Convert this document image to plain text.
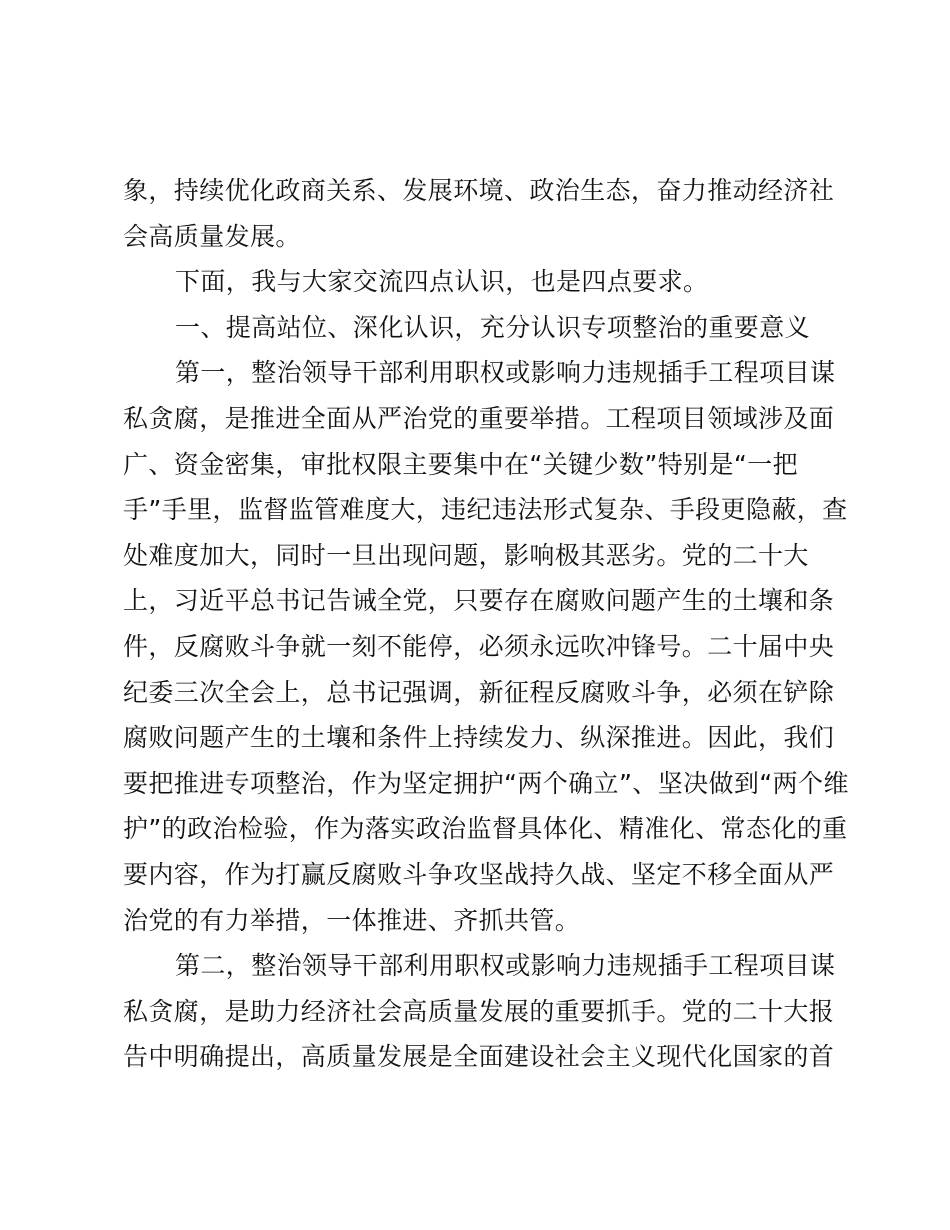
象，持续优化政商关系、发展环境、政治生态，奋力推动经济社
会高质量发展。
下面，我与大家交流四点认识，也是四点要求。
一、提高站位、深化认识，充分认识专项整治的重要意义
第一，整治领导干部利用职权或影响力违规插手工程项目谋
私贪腐，是推进全面从严治党的重要举措。工程项目领域涉及面
广、资金密集，审批权限主要集中在“关键少数”特别是“一把
手”手里，监督监管难度大，违纪违法形式复杂、手段更隐蔽，查
处难度加大，同时一旦出现问题，影响极其恶劣。党的二十大
上，习近平总书记告诫全党，只要存在腐败问题产生的土壤和条
件，反腐败斗争就一刻不能停，必须永远吹冲锋号。二十届中央
纪委三次全会上，总书记强调，新征程反腐败斗争，必须在铲除
腐败问题产生的土壤和条件上持续发力、纵深推进。因此，我们
要把推进专项整治，作为坚定拥护“两个确立”、坚决做到“两个维
护”的政治检验，作为落实政治监督具体化、精准化、常态化的重
要内容，作为打赢反腐败斗争攻坚战持久战、坚定不移全面从严
治党的有力举措，一体推进、齐抓共管。
第二，整治领导干部利用职权或影响力违规插手工程项目谋
私贪腐，是助力经济社会高质量发展的重要抓手。党的二十大报
告中明确提出，高质量发展是全面建设社会主义现代化国家的首
